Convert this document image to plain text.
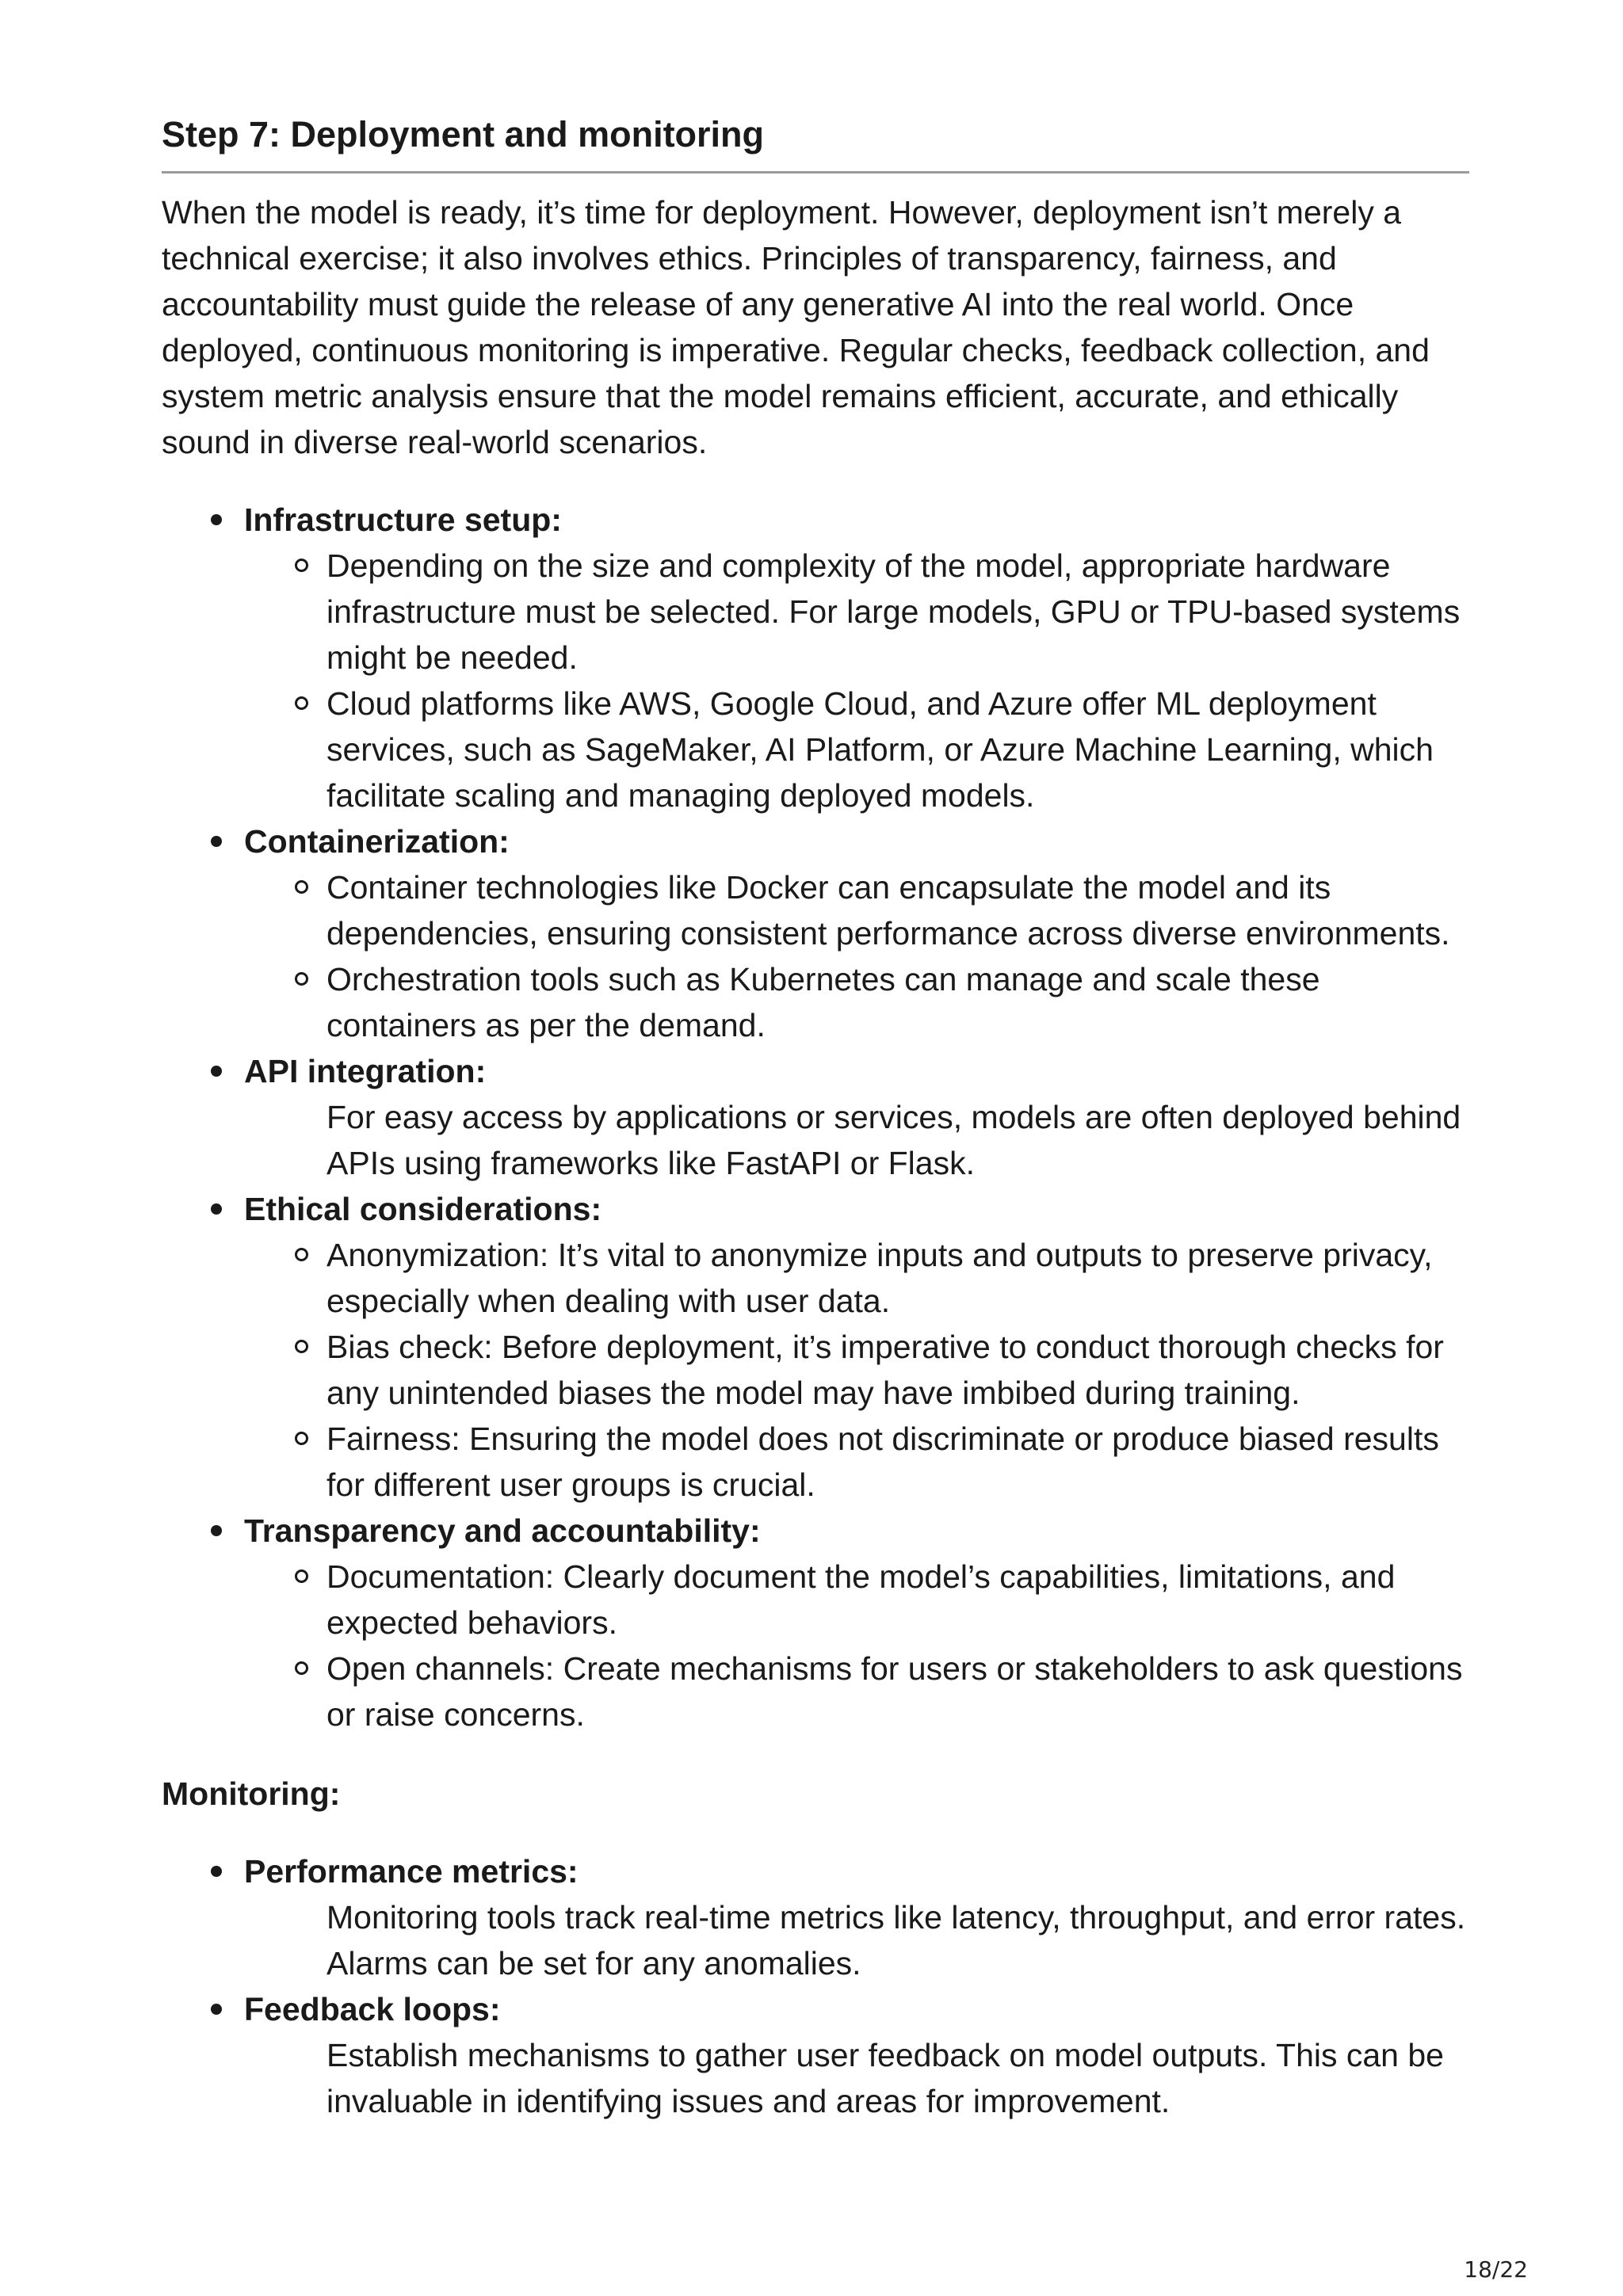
Step 7: Deployment and monitoring

When the model is ready, it’s time for deployment. However, deployment isn’t merely a technical exercise; it also involves ethics. Principles of transparency, fairness, and accountability must guide the release of any generative AI into the real world. Once deployed, continuous monitoring is imperative. Regular checks, feedback collection, and system metric analysis ensure that the model remains efficient, accurate, and ethically sound in diverse real-world scenarios.

Infrastructure setup:
Depending on the size and complexity of the model, appropriate hardware infrastructure must be selected. For large models, GPU or TPU-based systems might be needed.
Cloud platforms like AWS, Google Cloud, and Azure offer ML deployment services, such as SageMaker, AI Platform, or Azure Machine Learning, which facilitate scaling and managing deployed models.
Containerization:
Container technologies like Docker can encapsulate the model and its dependencies, ensuring consistent performance across diverse environments.
Orchestration tools such as Kubernetes can manage and scale these containers as per the demand.
API integration:
For easy access by applications or services, models are often deployed behind APIs using frameworks like FastAPI or Flask.
Ethical considerations:
Anonymization: It’s vital to anonymize inputs and outputs to preserve privacy, especially when dealing with user data.
Bias check: Before deployment, it’s imperative to conduct thorough checks for any unintended biases the model may have imbibed during training.
Fairness: Ensuring the model does not discriminate or produce biased results for different user groups is crucial.
Transparency and accountability:
Documentation: Clearly document the model’s capabilities, limitations, and expected behaviors.
Open channels: Create mechanisms for users or stakeholders to ask questions or raise concerns.
Monitoring:
Performance metrics:
Monitoring tools track real-time metrics like latency, throughput, and error rates. Alarms can be set for any anomalies.
Feedback loops:
Establish mechanisms to gather user feedback on model outputs. This can be invaluable in identifying issues and areas for improvement.
18/22
